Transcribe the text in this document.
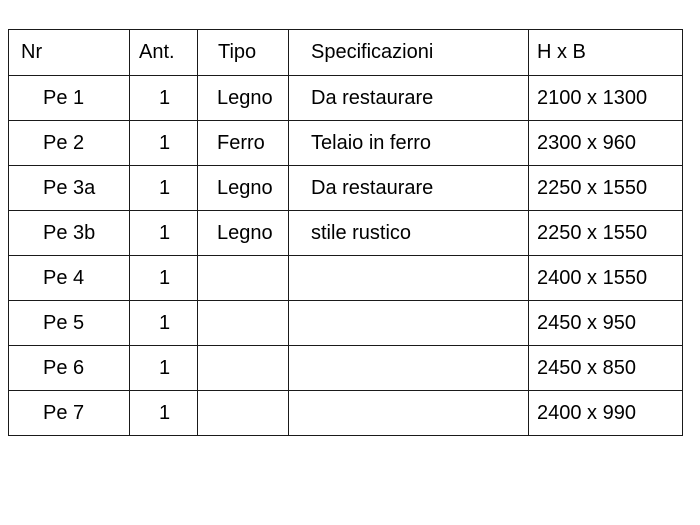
Nr	Ant.	Tipo	Specificazioni	H x B
Pe 1	1	Legno	Da restaurare	2100 x 1300
Pe 2	1	Ferro	Telaio in ferro	2300 x 960
Pe 3a	1	Legno	Da restaurare	2250 x 1550
Pe 3b	1	Legno	stile rustico	2250 x 1550
Pe 4	1			2400 x 1550
Pe 5	1			2450 x 950
Pe 6	1			2450 x 850
Pe 7	1			2400 x 990
